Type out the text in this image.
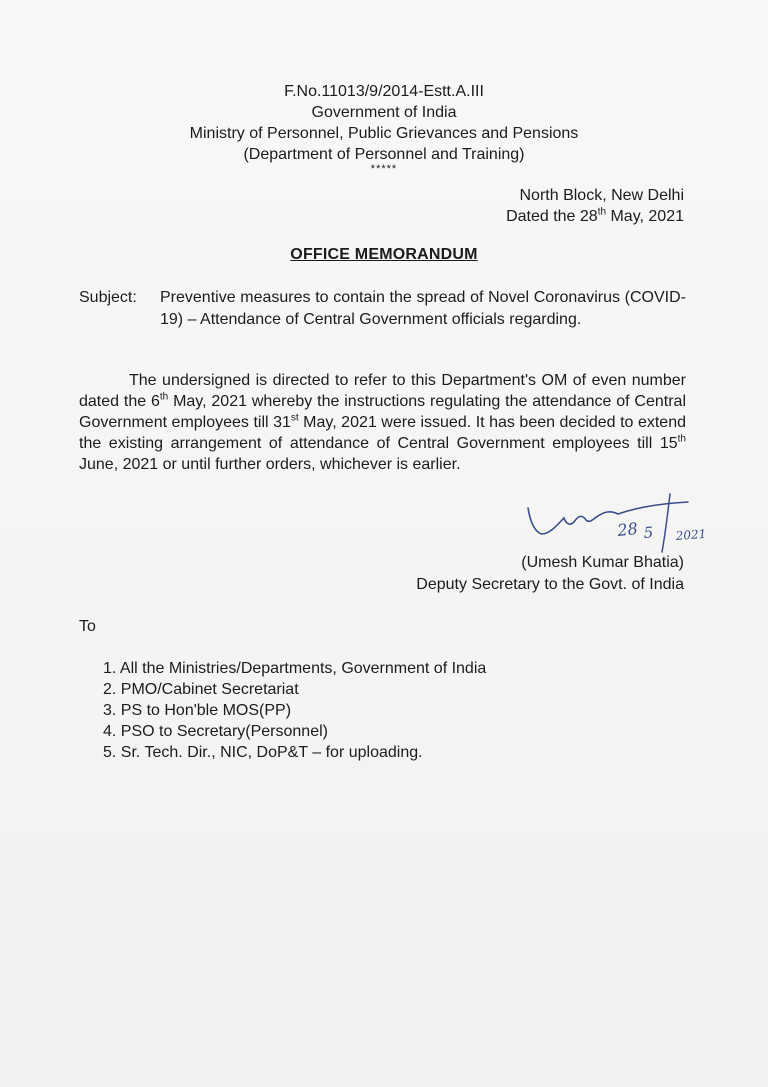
F.No.11013/9/2014-Estt.A.III
Government of India
Ministry of Personnel, Public Grievances and Pensions
(Department of Personnel and Training)
*****
North Block, New Delhi
Dated the 28th May, 2021
OFFICE MEMORANDUM
Subject: Preventive measures to contain the spread of Novel Coronavirus (COVID-19) – Attendance of Central Government officials regarding.
The undersigned is directed to refer to this Department's OM of even number dated the 6th May, 2021 whereby the instructions regulating the attendance of Central Government employees till 31st May, 2021 were issued. It has been decided to extend the existing arrangement of attendance of Central Government employees till 15th June, 2021 or until further orders, whichever is earlier.
28 5 2021
(Umesh Kumar Bhatia)
Deputy Secretary to the Govt. of India
To
1. All the Ministries/Departments, Government of India
2. PMO/Cabinet Secretariat
3. PS to Hon'ble MOS(PP)
4. PSO to Secretary(Personnel)
5. Sr. Tech. Dir., NIC, DoP&T – for uploading.
